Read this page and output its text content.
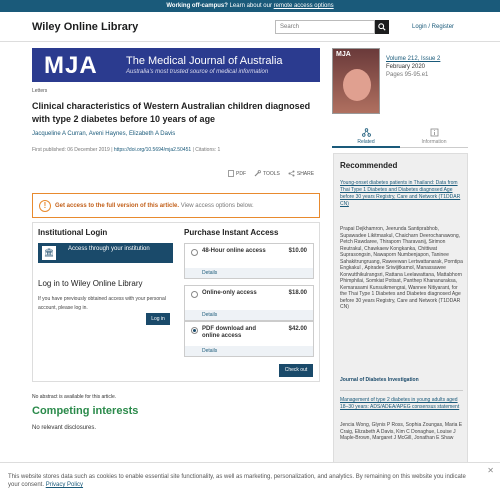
Working off-campus? Learn about our remote access options
Wiley Online Library	Search	Login / Register
MJA	The Medical Journal of Australia
Australia's most trusted source of medical information
MJA
Volume 212, Issue 2
February 2020
Pages 95-95.e1
Letters
Clinical characteristics of Western Australian children diagnosed with type 2 diabetes before 10 years of age
Jacqueline A Curran, Aveni Haynes, Elizabeth A Davis
First published: 06 December 2019 | https://doi.org/10.5694/mja2.50451 | Citations: 1
PDF	TOOLS	SHARE
!	Get access to the full version of this article. View access options below.
Institutional Login
🏛	Access through your institution
Log in to Wiley Online Library
If you have previously obtained access with your personal account, please log in.
Log in
Purchase Instant Access
48-Hour online access	$10.00
Details
Online-only access	$18.00
Details
PDF download and online access
$42.00
Details
Check out
No abstract is available for this article.
Competing interests
No relevant disclosures.
Related	Information
Recommended
Young-onset diabetes patients in Thailand: Data from Thai Type 1 Diabetes and Diabetes diagnosed Age before 30 years Registry, Care and Network (T1DDAR CN)
Prapai Dejkhamron, Jeerunda Santiprabhob, Supawadee Likitmaskul, Chaicharn Deerochanawong, Petch Rawdaree, Thiraporn Tharavanij, Sirimon Reutrakul, Chawkaew Kongkanka, Chittiwat Suprasongsin, Nawaporn Numbenjapon, Taninee Sahakitrungruang, Raweewan Lertwattanarak, Porntipa Engkakul , Apiradee Sriwijitkamol, Manassawee Korwutthikulrangsri, Rattana Leelawattana, Mattabhorn Phimphilai, Somkiat Potisat, Panthep Khananuraksa, Kemarasami Kunsuikmengrai, Wannee Nitiyarant, for the Thai Type 1 Diabetes and Diabetes diagnosed Age before 30 years Registry, Care and Network (T1DDAR CN)
Journal of Diabetes Investigation
Management of type 2 diabetes in young adults aged 18–30 years: ADS/ADEA/APEG consensus statement
Jencia Wong, Glynis P Ross, Sophia Zoungas, Maria E Craig, Elizabeth A Davis, Kim C Donaghue, Louise J Maple-Brown, Margaret J McGill, Jonathan E Shaw
✕
This website stores data such as cookies to enable essential site functionality, as well as marketing, personalization, and analytics. By remaining on this website you indicate your consent. Privacy Policy
